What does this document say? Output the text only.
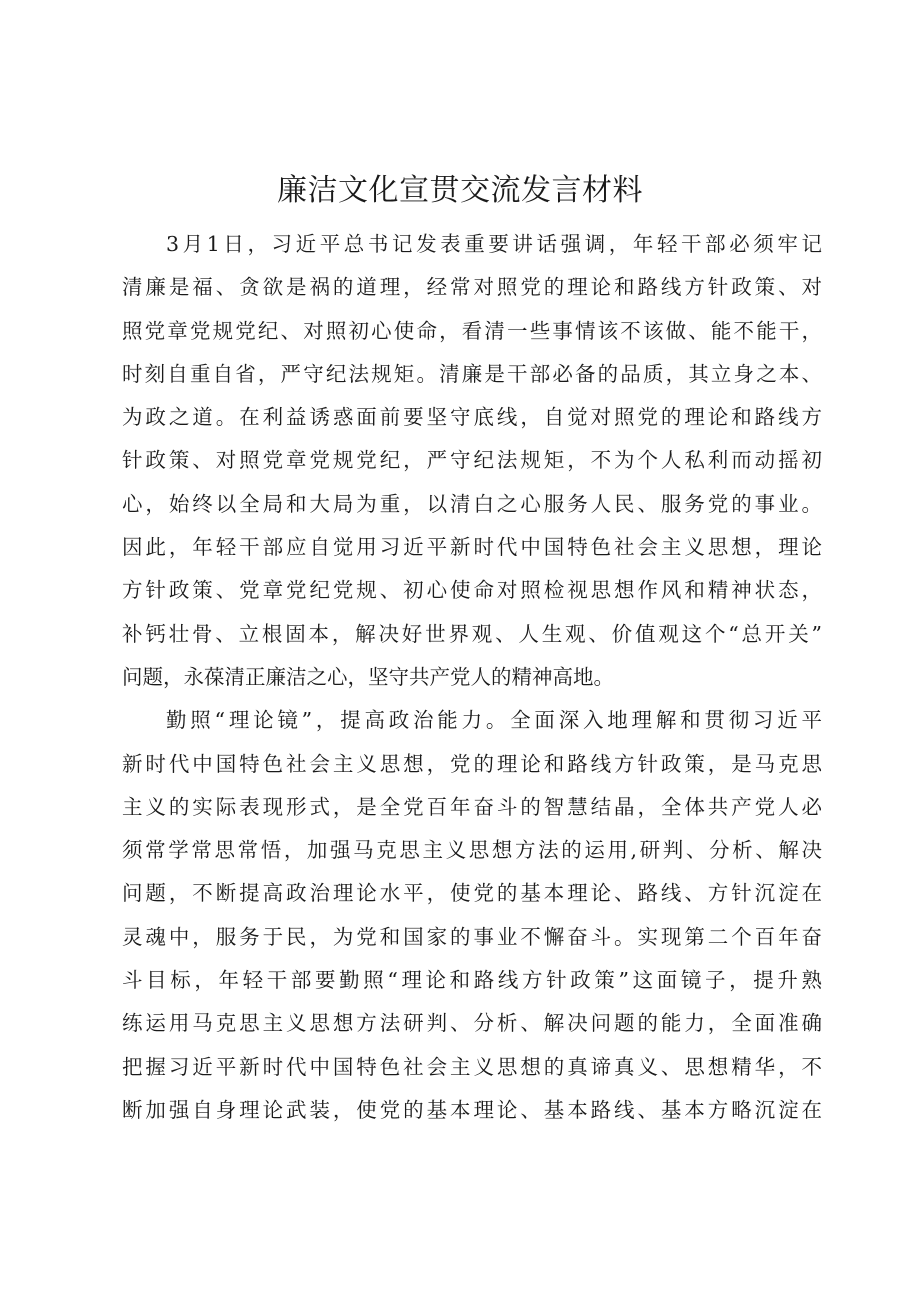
廉洁文化宣贯交流发言材料
3月1日，习近平总书记发表重要讲话强调，年轻干部必须牢记
清廉是福、贪欲是祸的道理，经常对照党的理论和路线方针政策、对
照党章党规党纪、对照初心使命，看清一些事情该不该做、能不能干，
时刻自重自省，严守纪法规矩。清廉是干部必备的品质，其立身之本、
为政之道。在利益诱惑面前要坚守底线，自觉对照党的理论和路线方
针政策、对照党章党规党纪，严守纪法规矩，不为个人私利而动摇初
心，始终以全局和大局为重，以清白之心服务人民、服务党的事业。
因此，年轻干部应自觉用习近平新时代中国特色社会主义思想，理论
方针政策、党章党纪党规、初心使命对照检视思想作风和精神状态，
补钙壮骨、立根固本，解决好世界观、人生观、价值观这个“总开关”
问题，永葆清正廉洁之心，坚守共产党人的精神高地。
勤照“理论镜”，提高政治能力。全面深入地理解和贯彻习近平
新时代中国特色社会主义思想，党的理论和路线方针政策，是马克思
主义的实际表现形式，是全党百年奋斗的智慧结晶，全体共产党人必
须常学常思常悟，加强马克思主义思想方法的运用,研判、分析、解决
问题，不断提高政治理论水平，使党的基本理论、路线、方针沉淀在
灵魂中，服务于民，为党和国家的事业不懈奋斗。实现第二个百年奋
斗目标，年轻干部要勤照“理论和路线方针政策”这面镜子，提升熟
练运用马克思主义思想方法研判、分析、解决问题的能力，全面准确
把握习近平新时代中国特色社会主义思想的真谛真义、思想精华，不
断加强自身理论武装，使党的基本理论、基本路线、基本方略沉淀在
